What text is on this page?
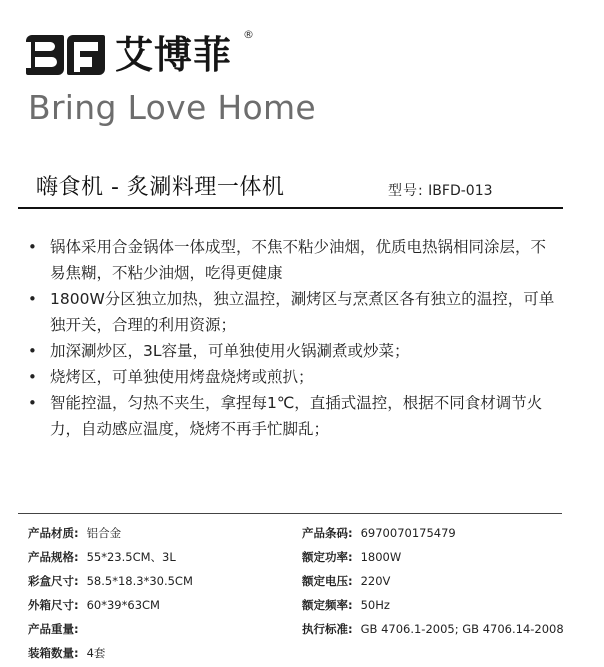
艾博菲 ®
Bring Love Home
嗨食机 - 炙涮料理一体机	型号: IBFD-013
• 锅体采用合金锅体一体成型，不焦不粘少油烟，优质电热锅相同涂层，不易焦糊，不粘少油烟，吃得更健康
• 1800W分区独立加热，独立温控，涮烤区与烹煮区各有独立的温控，可单独开关，合理的利用资源；
• 加深涮炒区，3L容量，可单独使用火锅涮煮或炒菜；
• 烧烤区，可单独使用烤盘烧烤或煎扒；
• 智能控温，匀热不夹生，拿捏每1℃，直插式温控，根据不同食材调节火力，自动感应温度，烧烤不再手忙脚乱；
产品材质: 铝合金
产品规格: 55*23.5CM、3L
彩盒尺寸: 58.5*18.3*30.5CM
外箱尺寸: 60*39*63CM
产品重量:
装箱数量: 4套
产品条码: 6970070175479
额定功率: 1800W
额定电压: 220V
额定频率: 50Hz
执行标准: GB 4706.1-2005; GB 4706.14-2008
